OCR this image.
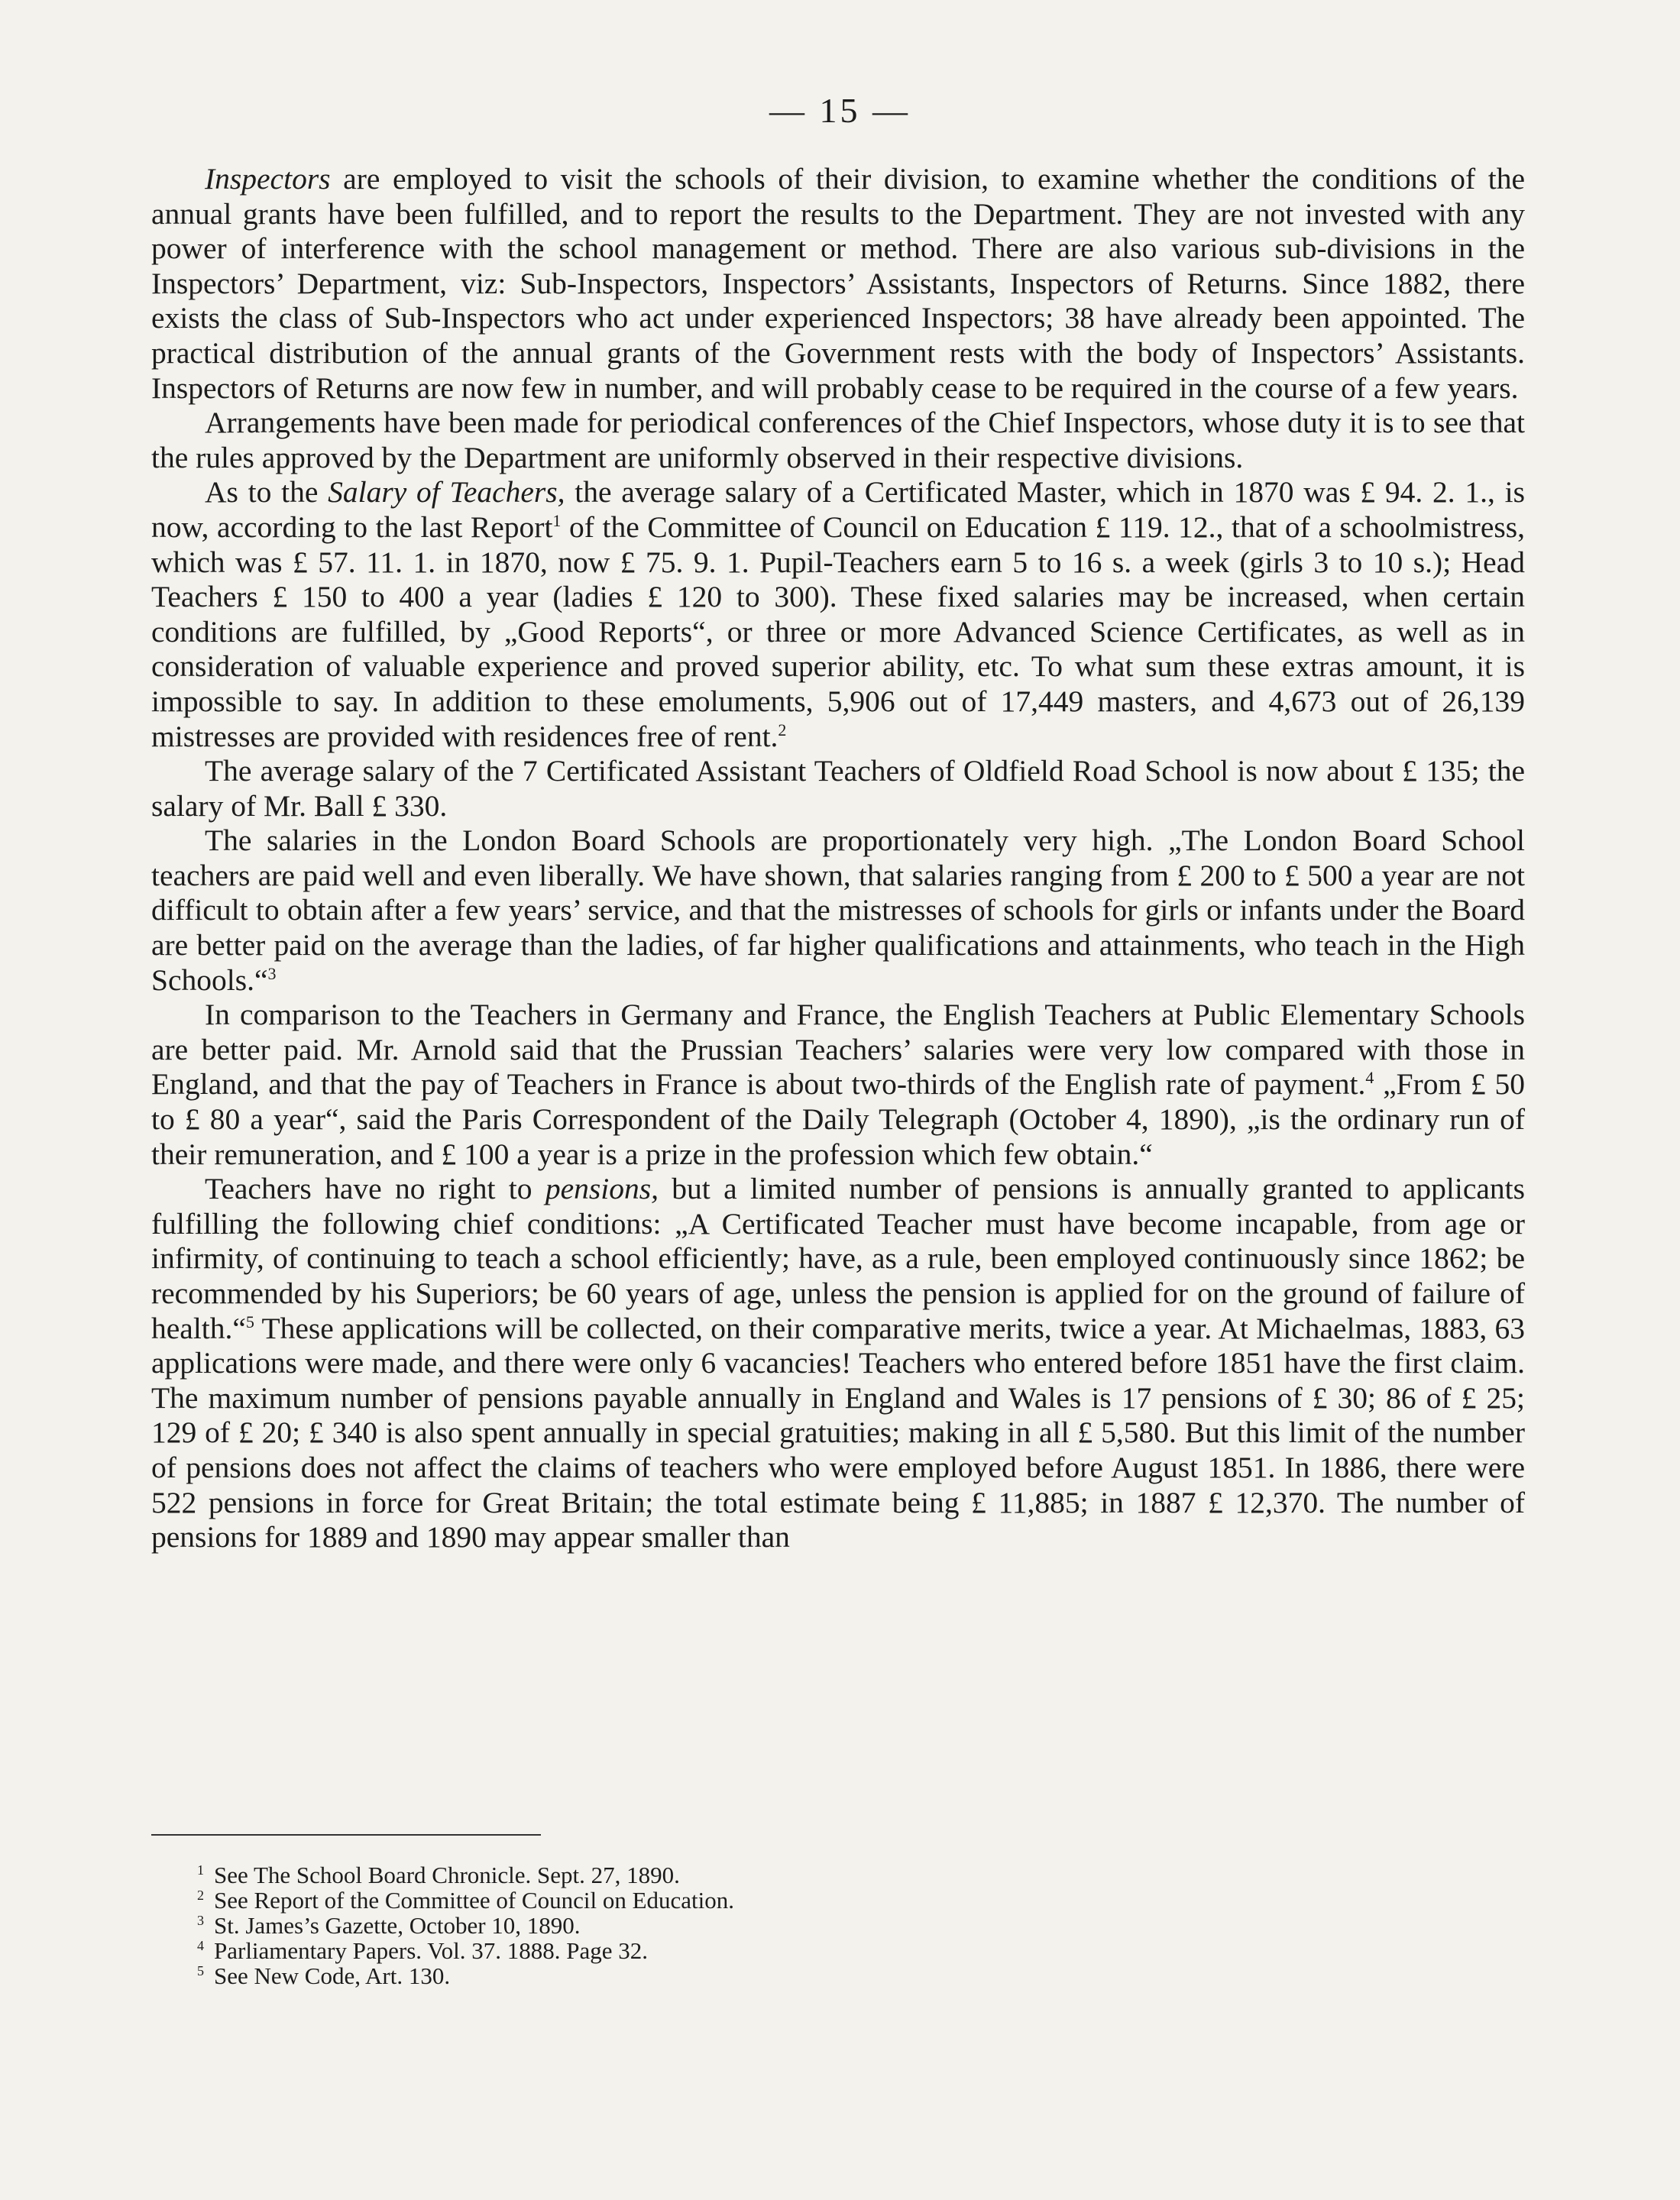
— 15 —

Inspectors are employed to visit the schools of their division, to examine whether the conditions of the annual grants have been fulfilled, and to report the results to the Department. They are not invested with any power of interference with the school management or method. There are also various sub-divisions in the Inspectors’ Department, viz: Sub-Inspectors, Inspectors’ Assistants, Inspectors of Returns. Since 1882, there exists the class of Sub-Inspectors who act under experienced Inspectors; 38 have already been appointed. The practical distribution of the annual grants of the Government rests with the body of Inspectors’ Assistants. Inspectors of Returns are now few in number, and will probably cease to be required in the course of a few years.

Arrangements have been made for periodical conferences of the Chief Inspectors, whose duty it is to see that the rules approved by the Department are uniformly observed in their respective divisions.

As to the Salary of Teachers, the average salary of a Certificated Master, which in 1870 was £ 94. 2. 1., is now, according to the last Report$^1$ of the Committee of Council on Education £ 119. 12., that of a schoolmistress, which was £ 57. 11. 1. in 1870, now £ 75. 9. 1. Pupil-Teachers earn 5 to 16 s. a week (girls 3 to 10 s.); Head Teachers £ 150 to 400 a year (ladies £ 120 to 300). These fixed salaries may be increased, when certain conditions are fulfilled, by „Good Reports“, or three or more Advanced Science Certificates, as well as in consideration of valuable experience and proved superior ability, etc. To what sum these extras amount, it is impossible to say. In addition to these emoluments, 5,906 out of 17,449 masters, and 4,673 out of 26,139 mistresses are provided with residences free of rent.$^2$

The average salary of the 7 Certificated Assistant Teachers of Oldfield Road School is now about £ 135; the salary of Mr. Ball £ 330.

The salaries in the London Board Schools are proportionately very high. „The London Board School teachers are paid well and even liberally. We have shown, that salaries ranging from £ 200 to £ 500 a year are not difficult to obtain after a few years’ service, and that the mistresses of schools for girls or infants under the Board are better paid on the average than the ladies, of far higher qualifications and attainments, who teach in the High Schools.“$^3$

In comparison to the Teachers in Germany and France, the English Teachers at Public Elementary Schools are better paid. Mr. Arnold said that the Prussian Teachers’ salaries were very low compared with those in England, and that the pay of Teachers in France is about two-thirds of the English rate of payment.$^4$ „From £ 50 to £ 80 a year“, said the Paris Correspondent of the Daily Telegraph (October 4, 1890), „is the ordinary run of their remuneration, and £ 100 a year is a prize in the profession which few obtain.“

Teachers have no right to pensions, but a limited number of pensions is annually granted to applicants fulfilling the following chief conditions: „A Certificated Teacher must have become incapable, from age or infirmity, of continuing to teach a school efficiently; have, as a rule, been employed continuously since 1862; be recommended by his Superiors; be 60 years of age, unless the pension is applied for on the ground of failure of health.“$^5$ These applications will be collected, on their comparative merits, twice a year. At Michaelmas, 1883, 63 applications were made, and there were only 6 vacancies! Teachers who entered before 1851 have the first claim. The maximum number of pensions payable annually in England and Wales is 17 pensions of £ 30; 86 of £ 25; 129 of £ 20; £ 340 is also spent annually in special gratuities; making in all £ 5,580. But this limit of the number of pensions does not affect the claims of teachers who were employed before August 1851. In 1886, there were 522 pensions in force for Great Britain; the total estimate being £ 11,885; in 1887 £ 12,370. The number of pensions for 1889 and 1890 may appear smaller than

1 See The School Board Chronicle. Sept. 27, 1890.
2 See Report of the Committee of Council on Education.
3 St. James’s Gazette, October 10, 1890.
4 Parliamentary Papers. Vol. 37. 1888. Page 32.
5 See New Code, Art. 130.
